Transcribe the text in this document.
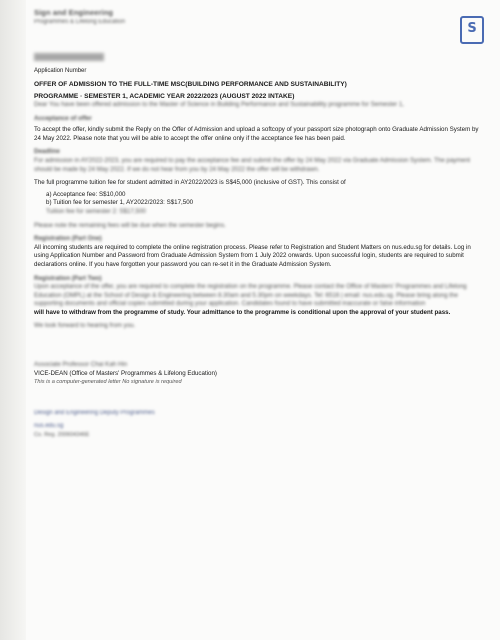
Sign and Engineering
Programmes & Lifelong Education	S
Application Number
OFFER OF ADMISSION TO THE FULL-TIME MSC(BUILDING PERFORMANCE AND SUSTAINABILITY)
PROGRAMME · SEMESTER 1, ACADEMIC YEAR 2022/2023 (AUGUST 2022 INTAKE)

Dear You have been offered admission to the Master of Science in Building Performance and Sustainability programme for Semester 1,

Acceptance of offer

To accept the offer, kindly submit the Reply on the Offer of Admission and upload a softcopy of your passport size photograph onto Graduate Admission System by 24 May 2022. Please note that you will be able to accept the offer online only if the acceptance fee has been paid.

Deadline

For admission in AY2022-2023, you are required to pay the acceptance fee and submit the offer by 24 May 2022 via Graduate Admission System. The payment should be made by 24 May 2022. If we do not hear from you by 24 May 2022 the offer will be withdrawn.

The full programme tuition fee for student admitted in AY2022/2023 is S$45,000 (inclusive of GST). This consist of

a) Acceptance fee: S$10,000

b) Tuition fee for semester 1, AY2022/2023: S$17,500

Tuition fee for semester 2: S$17,500

Please note the remaining fees will be due when the semester begins.

Registration (Part One)

All incoming students are required to complete the online registration process. Please refer to Registration and Student Matters on nus.edu.sg for details. Log in using Application Number and Password from Graduate Admission System from 1 July 2022 onwards. Upon successful login, students are required to submit declarations online. If you have forgotten your password you can re-set it in the Graduate Admission System.

Registration (Part Two)

Upon acceptance of the offer, you are required to complete the registration on the programme. Please contact the Office of Masters' Programmes and Lifelong Education (OMPL) at the School of Design & Engineering between 8.30am and 5.30pm on weekdays. Tel: 6516 | email: nus.edu.sg. Please bring along the supporting documents and official copies submitted during your application. Candidates found to have submitted inaccurate or false information

will have to withdraw from the programme of study. Your admittance to the programme is conditional upon the approval of your student pass.

We look forward to hearing from you.

Associate Professor Chai Kah Hin

VICE-DEAN (Office of Masters' Programmes & Lifelong Education)

This is a computer-generated letter No signature is required

Design and Engineering Deputy Programmes

nus.edu.sg

Co. Reg. 200604346E
